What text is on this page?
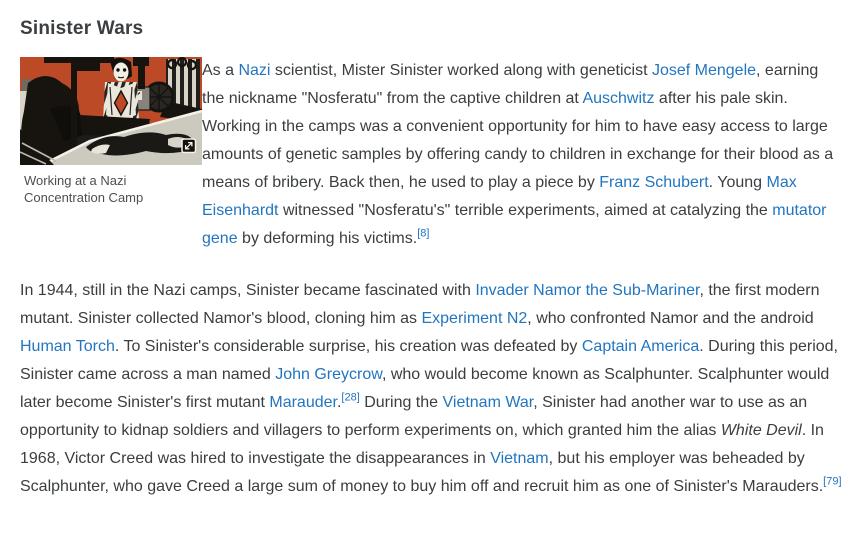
Sinister Wars
Working at a Nazi Concentration Camp

As a Nazi scientist, Mister Sinister worked along with geneticist Josef Mengele, earning the nickname "Nosferatu" from the captive children at Auschwitz after his pale skin. Working in the camps was a convenient opportunity for him to have easy access to large amounts of genetic samples by offering candy to children in exchange for their blood as a means of bribery. Back then, he used to play a piece by Franz Schubert. Young Max Eisenhardt witnessed "Nosferatu's" terrible experiments, aimed at catalyzing the mutator gene by deforming his victims.[8]

In 1944, still in the Nazi camps, Sinister became fascinated with Invader Namor the Sub-Mariner, the first modern mutant. Sinister collected Namor's blood, cloning him as Experiment N2, who confronted Namor and the android Human Torch. To Sinister's considerable surprise, his creation was defeated by Captain America. During this period, Sinister came across a man named John Greycrow, who would become known as Scalphunter. Scalphunter would later become Sinister's first mutant Marauder.[28] During the Vietnam War, Sinister had another war to use as an opportunity to kidnap soldiers and villagers to perform experiments on, which granted him the alias White Devil. In 1968, Victor Creed was hired to investigate the disappearances in Vietnam, but his employer was beheaded by Scalphunter, who gave Creed a large sum of money to buy him off and recruit him as one of Sinister's Marauders.[79]
